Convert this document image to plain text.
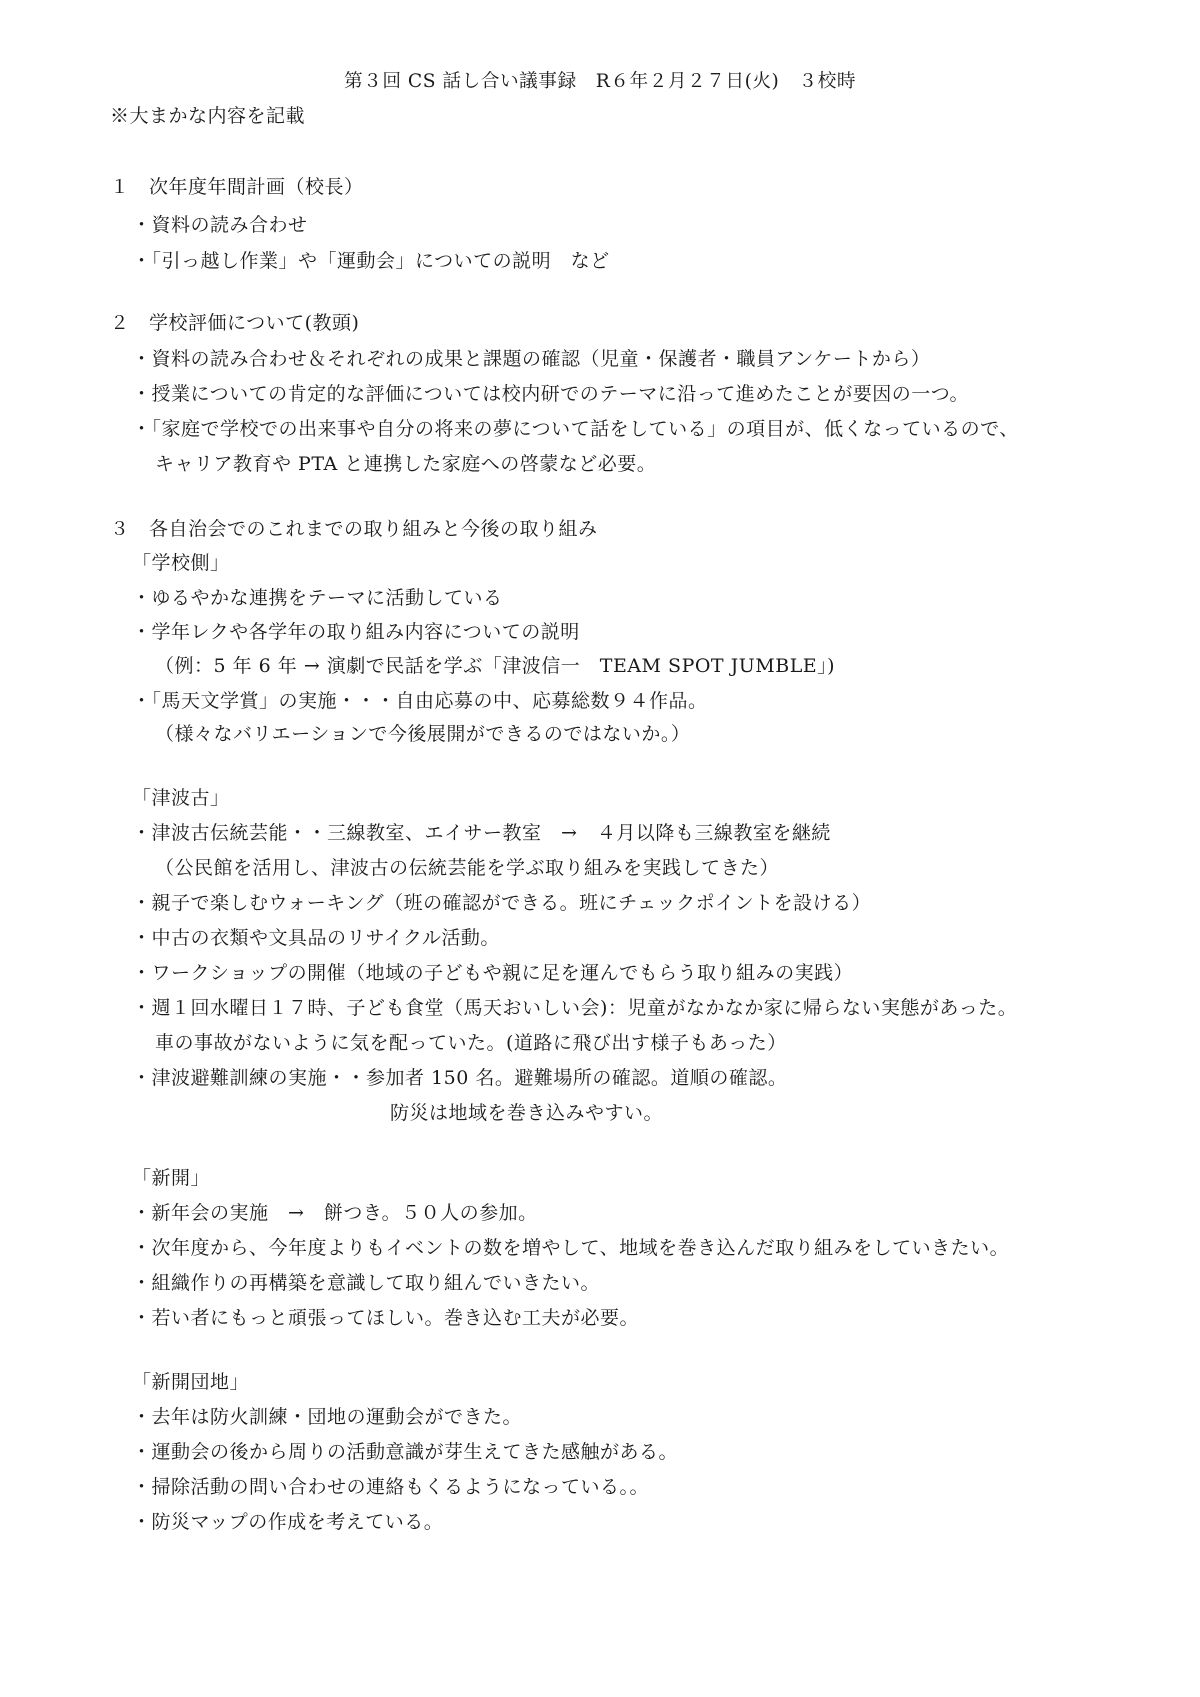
第３回 CS 話し合い議事録　R６年２月２７日(火)　３校時
※大まかな内容を記載
１　次年度年間計画（校長）
・資料の読み合わせ
・「引っ越し作業」や「運動会」についての説明　など
２　学校評価について(教頭)
・資料の読み合わせ＆それぞれの成果と課題の確認（児童・保護者・職員アンケートから）
・授業についての肯定的な評価については校内研でのテーマに沿って進めたことが要因の一つ。
・「家庭で学校での出来事や自分の将来の夢について話をしている」の項目が、低くなっているので、
キャリア教育や PTA と連携した家庭への啓蒙など必要。
３　各自治会でのこれまでの取り組みと今後の取り組み
「学校側」
・ゆるやかな連携をテーマに活動している
・学年レクや各学年の取り組み内容についての説明
（例：5 年 6 年 → 演劇で民話を学ぶ「津波信一　TEAM SPOT JUMBLE」)
・「馬天文学賞」の実施・・・自由応募の中、応募総数９４作品。
（様々なバリエーションで今後展開ができるのではないか。）
「津波古」
・津波古伝統芸能・・三線教室、エイサー教室　→　４月以降も三線教室を継続
（公民館を活用し、津波古の伝統芸能を学ぶ取り組みを実践してきた）
・親子で楽しむウォーキング（班の確認ができる。班にチェックポイントを設ける）
・中古の衣類や文具品のリサイクル活動。
・ワークショップの開催（地域の子どもや親に足を運んでもらう取り組みの実践）
・週１回水曜日１７時、子ども食堂（馬天おいしい会)：児童がなかなか家に帰らない実態があった。
車の事故がないように気を配っていた。(道路に飛び出す様子もあった）
・津波避難訓練の実施・・参加者 150 名。避難場所の確認。道順の確認。
防災は地域を巻き込みやすい。
「新開」
・新年会の実施　→　餅つき。５０人の参加。
・次年度から、今年度よりもイベントの数を増やして、地域を巻き込んだ取り組みをしていきたい。
・組織作りの再構築を意識して取り組んでいきたい。
・若い者にもっと頑張ってほしい。巻き込む工夫が必要。
「新開団地」
・去年は防火訓練・団地の運動会ができた。
・運動会の後から周りの活動意識が芽生えてきた感触がある。
・掃除活動の問い合わせの連絡もくるようになっている。。
・防災マップの作成を考えている。
